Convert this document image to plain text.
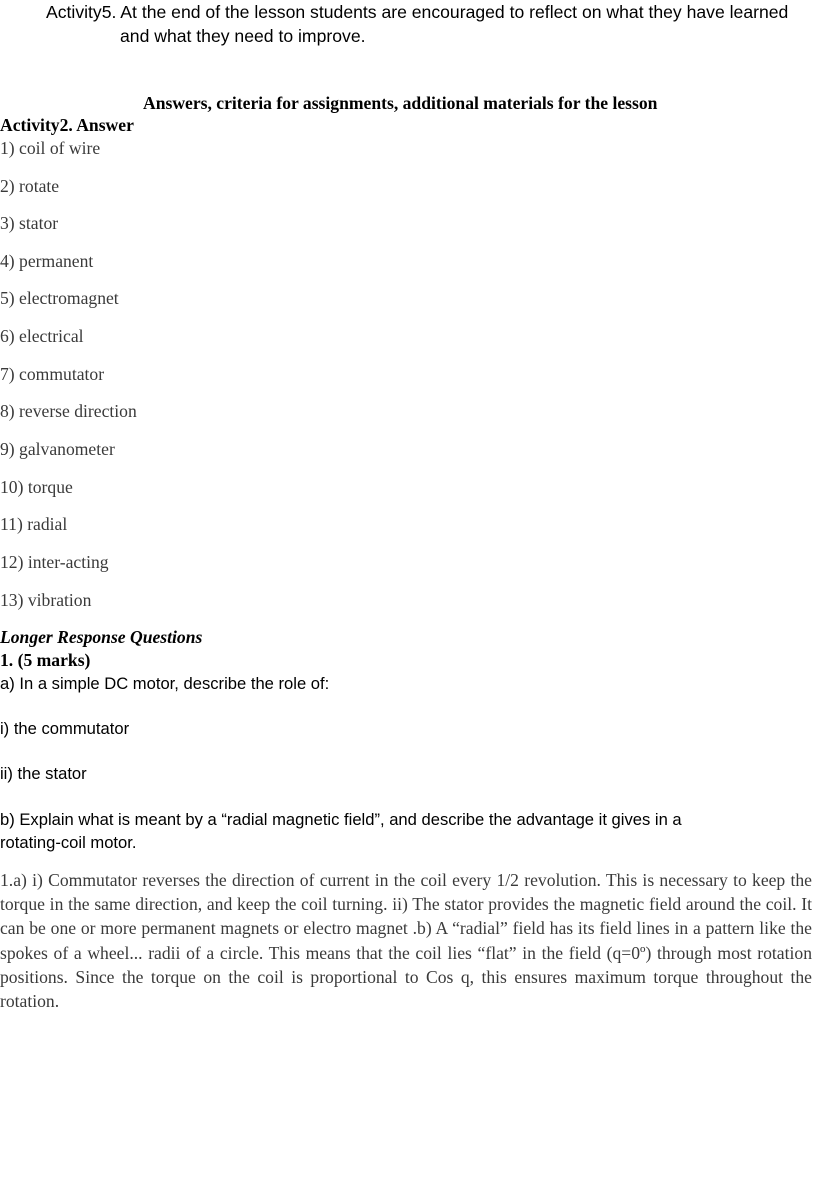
Activity5. At the end of the lesson students are encouraged to reflect on what they have learned
and what they need to improve.
Answers, criteria for assignments, additional materials for the lesson
Activity2. Answer
1) coil of wire
2) rotate
3) stator
4) permanent
5) electromagnet
6) electrical
7) commutator
8) reverse direction
9) galvanometer
10) torque
11) radial
12) inter-acting
13) vibration
Longer Response Questions
1. (5 marks)
a) In a simple DC motor, describe the role of:
i) the commutator
ii) the stator
b) Explain what is meant by a “radial magnetic field”, and describe the advantage it gives in a
rotating-coil motor.
1.a) i) Commutator reverses the direction of current in the coil every 1/2 revolution. This is necessary to keep the torque in the same direction, and keep the coil turning. ii) The stator provides the magnetic field around the coil. It can be one or more permanent magnets or electro magnet .b) A “radial” field has its field lines in a pattern like the spokes of a wheel... radii of a circle. This means that the coil lies “flat” in the field (q=0º) through most rotation positions. Since the torque on the coil is proportional to Cos q, this ensures maximum torque throughout the rotation.
